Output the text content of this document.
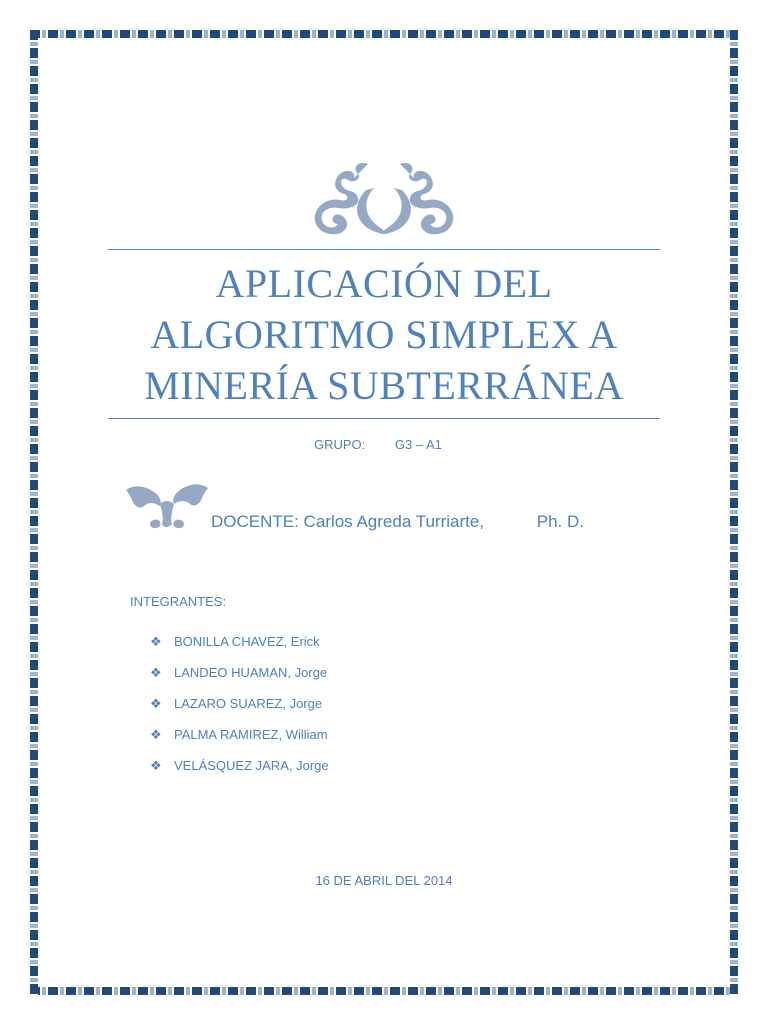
APLICACIÓN DEL
ALGORITMO SIMPLEX A
MINERÍA SUBTERRÁNEA
GRUPO: G3 – A1
DOCENTE: Carlos Agreda Turriarte,	Ph. D.
INTEGRANTES:
❖ BONILLA CHAVEZ, Erick
❖ LANDEO HUAMAN, Jorge
❖ LAZARO SUAREZ, Jorge
❖ PALMA RAMIREZ, William
❖ VELÁSQUEZ JARA, Jorge
16 DE ABRIL DEL 2014
